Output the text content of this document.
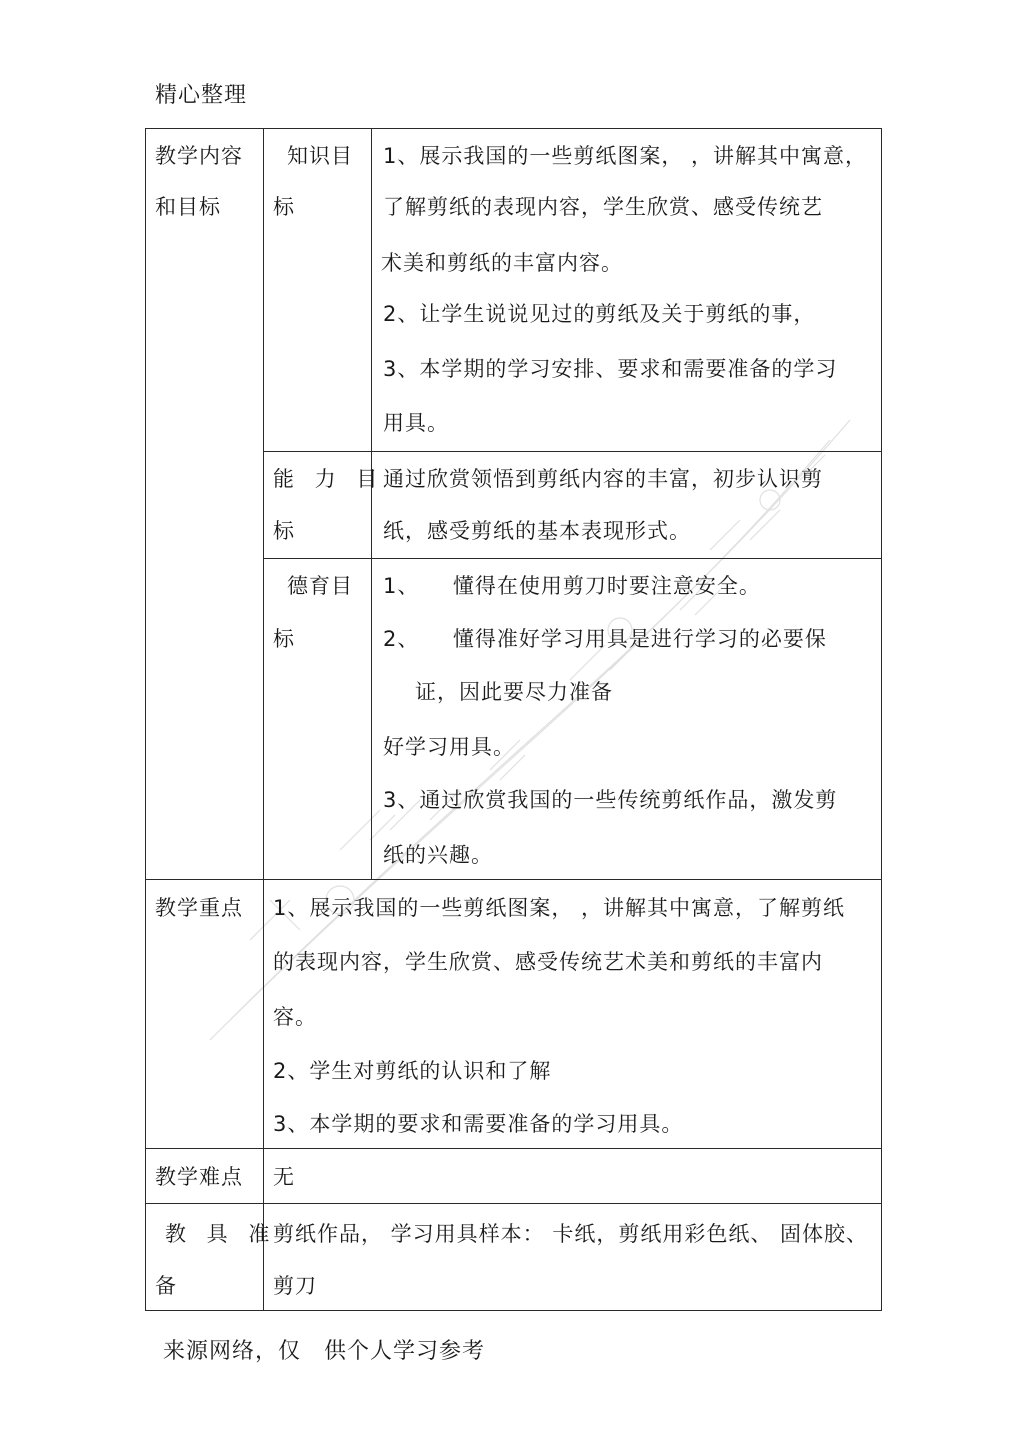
精心整理
教学内容
和目标
知识目
标
1、展示我国的一些剪纸图案， ，讲解其中寓意，
了解剪纸的表现内容，学生欣赏、感受传统艺
术美和剪纸的丰富内容。
2、让学生说说见过的剪纸及关于剪纸的事，
3、本学期的学习安排、要求和需要准备的学习
用具。
能 力 目
标
通过欣赏领悟到剪纸内容的丰富，初步认识剪
纸，感受剪纸的基本表现形式。
德育目
标
1、　　懂得在使用剪刀时要注意安全。
2、　　懂得准好学习用具是进行学习的必要保
证，因此要尽力准备
好学习用具。
3、通过欣赏我国的一些传统剪纸作品，激发剪
纸的兴趣。
教学重点 1、展示我国的一些剪纸图案， ，讲解其中寓意，了解剪纸
的表现内容，学生欣赏、感受传统艺术美和剪纸的丰富内
容。
2、学生对剪纸的认识和了解
3、本学期的要求和需要准备的学习用具。
教学难点 无
教 具 准
备
剪纸作品， 学习用具样本： 卡纸，剪纸用彩色纸、 固体胶、
剪刀
来源网络，仅　供个人学习参考
